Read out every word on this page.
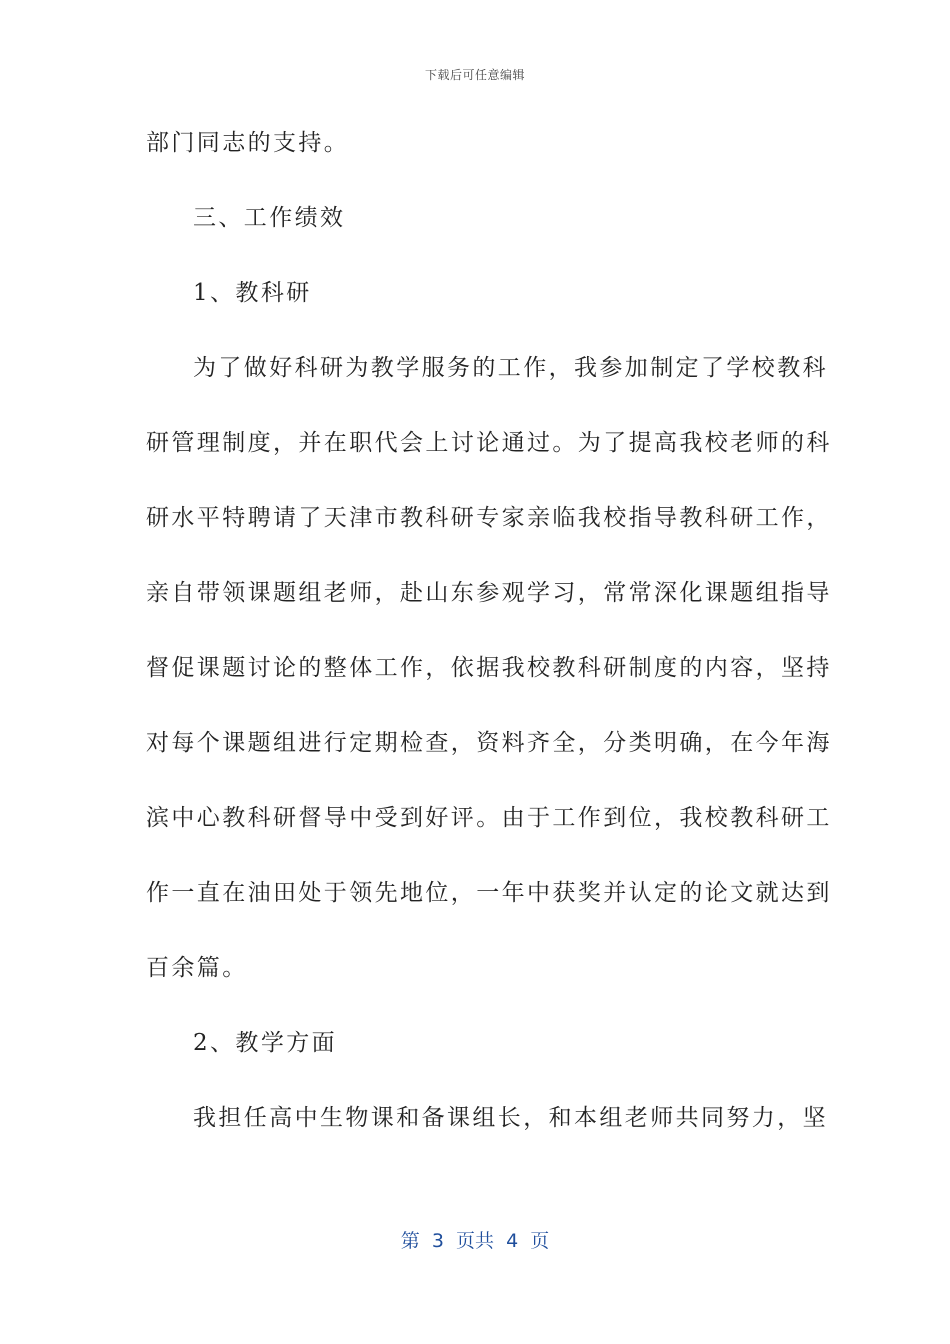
下载后可任意编辑
部门同志的支持。
三、工作绩效
1、教科研
为了做好科研为教学服务的工作，我参加制定了学校教科
研管理制度，并在职代会上讨论通过。为了提高我校老师的科
研水平特聘请了天津市教科研专家亲临我校指导教科研工作，
亲自带领课题组老师，赴山东参观学习，常常深化课题组指导
督促课题讨论的整体工作，依据我校教科研制度的内容，坚持
对每个课题组进行定期检查，资料齐全，分类明确，在今年海
滨中心教科研督导中受到好评。由于工作到位，我校教科研工
作一直在油田处于领先地位，一年中获奖并认定的论文就达到
百余篇。
2、教学方面
我担任高中生物课和备课组长，和本组老师共同努力，坚
第  3  页共  4  页
